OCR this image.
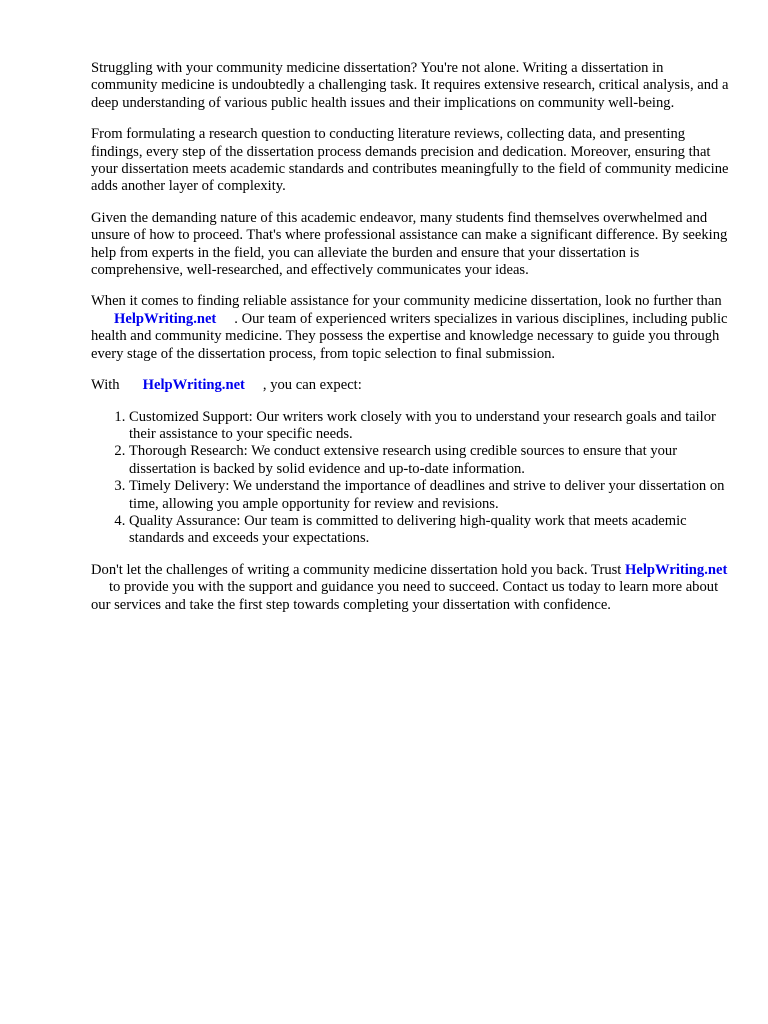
Struggling with your community medicine dissertation? You're not alone. Writing a dissertation in community medicine is undoubtedly a challenging task. It requires extensive research, critical analysis, and a deep understanding of various public health issues and their implications on community well-being.

From formulating a research question to conducting literature reviews, collecting data, and presenting findings, every step of the dissertation process demands precision and dedication. Moreover, ensuring that your dissertation meets academic standards and contributes meaningfully to the field of community medicine adds another layer of complexity.

Given the demanding nature of this academic endeavor, many students find themselves overwhelmed and unsure of how to proceed. That's where professional assistance can make a significant difference. By seeking help from experts in the field, you can alleviate the burden and ensure that your dissertation is comprehensive, well-researched, and effectively communicates your ideas.

When it comes to finding reliable assistance for your community medicine dissertation, look no further thanHelpWriting.net . Our team of experienced writers specializes in various disciplines, including public health and community medicine. They possess the expertise and knowledge necessary to guide you through every stage of the dissertation process, from topic selection to final submission.

With HelpWriting.net , you can expect:

1. Customized Support: Our writers work closely with you to understand your research goals and tailor their assistance to your specific needs.
2. Thorough Research: We conduct extensive research using credible sources to ensure that your dissertation is backed by solid evidence and up-to-date information.
3. Timely Delivery: We understand the importance of deadlines and strive to deliver your dissertation on time, allowing you ample opportunity for review and revisions.
4. Quality Assurance: Our team is committed to delivering high-quality work that meets academic standards and exceeds your expectations.

Don't let the challenges of writing a community medicine dissertation hold you back. Trust HelpWriting.netto provide you with the support and guidance you need to succeed. Contact us today to learn more about our services and take the first step towards completing your dissertation with confidence.
